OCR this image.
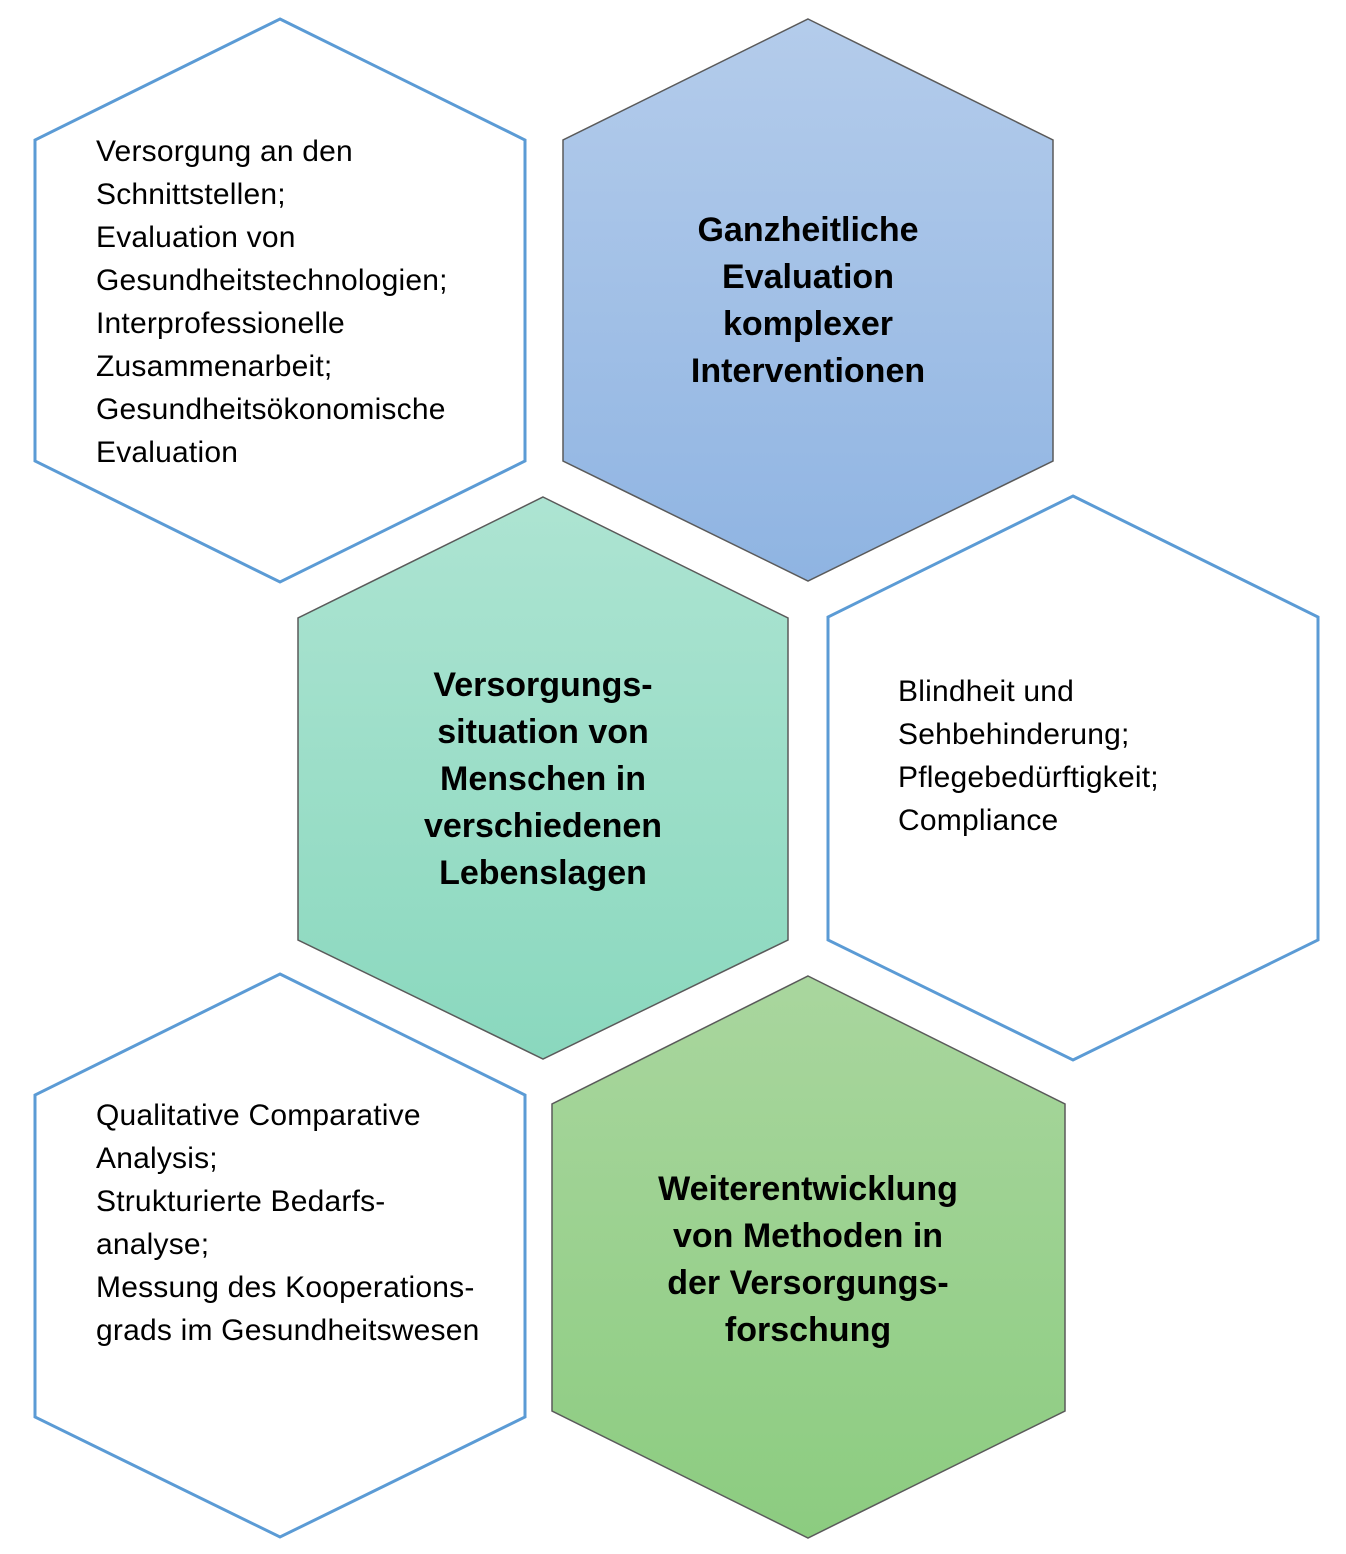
Versorgung an den
Schnittstellen;
Evaluation von
Gesundheitstechnologien;
Interprofessionelle
Zusammenarbeit;
Gesundheitsökonomische
Evaluation
Ganzheitliche
Evaluation
komplexer
Interventionen
Versorgungs-
situation von
Menschen in
verschiedenen
Lebenslagen
Blindheit und
Sehbehinderung;
Pflegebedürftigkeit;
Compliance
Qualitative Comparative
Analysis;
Strukturierte Bedarfs-
analyse;
Messung des Kooperations-
grads im Gesundheitswesen
Weiterentwicklung
von Methoden in
der Versorgungs-
forschung
